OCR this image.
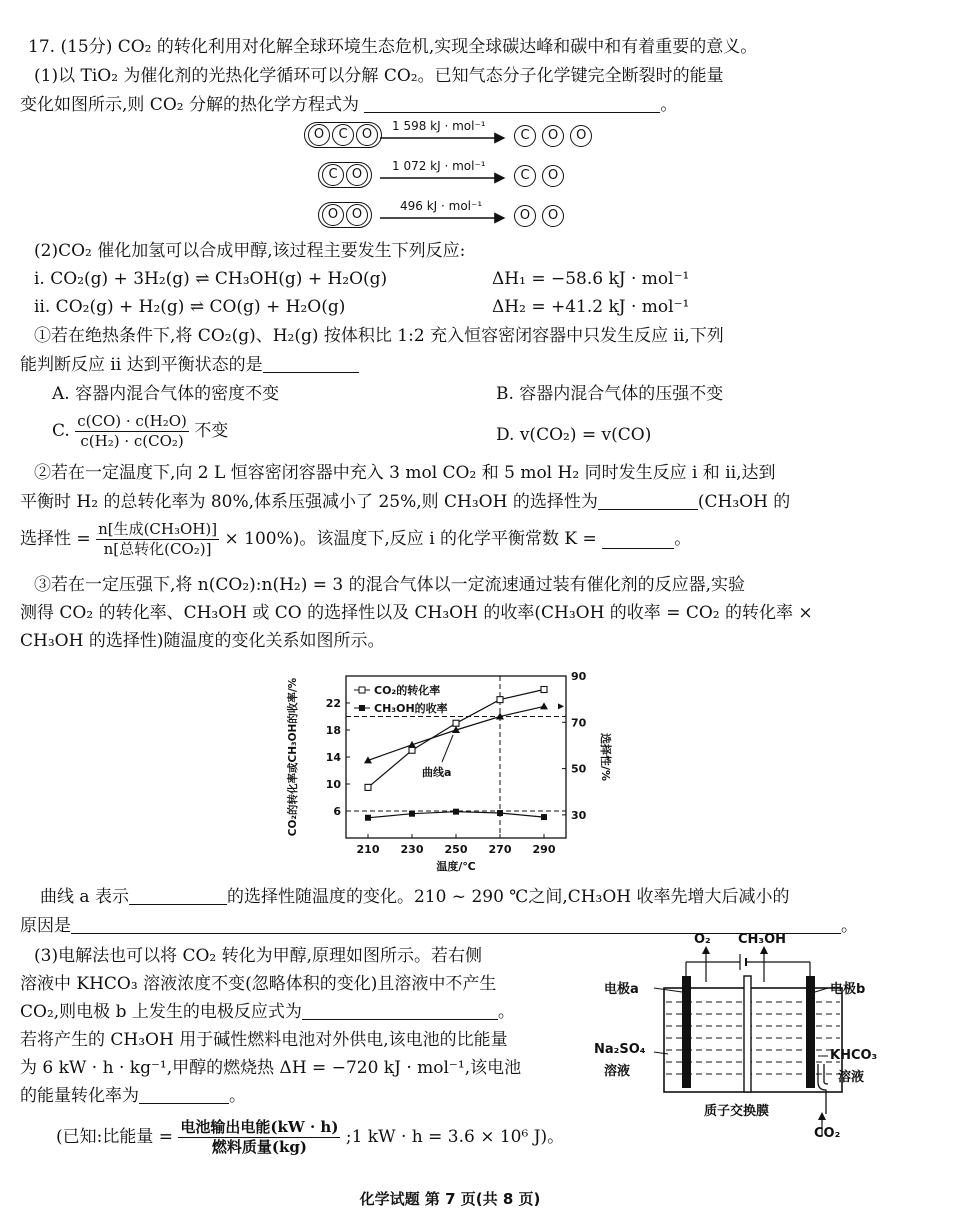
17. (15分) CO₂ 的转化利用对化解全球环境生态危机,实现全球碳达峰和碳中和有着重要的意义。
(1)以 TiO₂ 为催化剂的光热化学循环可以分解 CO₂。已知气态分子化学键完全断裂时的能量
变化如图所示,则 CO₂ 分解的热化学方程式为	。
O	C	O	C O O
C	O	C O
O	O	O O
1 598 kJ · mol⁻¹
1 072 kJ · mol⁻¹
496 kJ · mol⁻¹
(2)CO₂ 催化加氢可以合成甲醇,该过程主要发生下列反应:
ⅰ. CO₂(g) + 3H₂(g) ⇌ CH₃OH(g) + H₂O(g)	ΔH₁ = −58.6 kJ · mol⁻¹
ⅱ. CO₂(g) + H₂(g) ⇌ CO(g) + H₂O(g)	ΔH₂ = +41.2 kJ · mol⁻¹
①若在绝热条件下,将 CO₂(g)、H₂(g) 按体积比 1:2 充入恒容密闭容器中只发生反应 ⅱ,下列
能判断反应 ⅱ 达到平衡状态的是
A. 容器内混合气体的密度不变	B. 容器内混合气体的压强不变
C. $\frac{\text{c(CO) · c(H₂O)}}{\text{c(H₂) · c(CO₂)}}$ 不变	D. v(CO₂) = v(CO)
②若在一定温度下,向 2 L 恒容密闭容器中充入 3 mol CO₂ 和 5 mol H₂ 同时发生反应 ⅰ 和 ⅱ,达到
平衡时 H₂ 的总转化率为 80%,体系压强减小了 25%,则 CH₃OH 的选择性为	(CH₃OH 的
选择性 = $\frac{\text{n[生成(CH₃OH)]}}{\text{n[总转化(CO₂)]}} \times 100\%$)。该温度下,反应 ⅰ 的化学平衡常数 K =	。
③若在一定压强下,将 n(CO₂):n(H₂) = 3 的混合气体以一定流速通过装有催化剂的反应器,实验
测得 CO₂ 的转化率、CH₃OH 或 CO 的选择性以及 CH₃OH 的收率(CH₃OH 的收率 = CO₂ 的转化率 ×
CH₃OH 的选择性)随温度的变化关系如图所示。
曲线a
210 230 250 270 290
6
10
14
18
22
30
50
70
90
温度/℃
CO₂的转化率或CH₃OH的收率/%	选择性/%
CO₂的转化率
CH₃OH的收率
曲线 a 表示	的选择性随温度的变化。210 ~ 290 ℃之间,CH₃OH 收率先增大后减小的
原因是	。
(3)电解法也可以将 CO₂ 转化为甲醇,原理如图所示。若右侧
溶液中 KHCO₃ 溶液浓度不变(忽略体积的变化)且溶液中不产生
CO₂,则电极 b 上发生的电极反应式为	。
若将产生的 CH₃OH 用于碱性燃料电池对外供电,该电池的比能量
为 6 kW · h · kg⁻¹,甲醇的燃烧热 ΔH = −720 kJ · mol⁻¹,该电池
的能量转化率为	。
(已知:比能量 = $\frac{\text{电池输出电能(kW · h)}}{\text{燃料质量(kg)}}$ ;1 kW · h = 3.6 × 10⁶ J)。
O₂ CH₃OH
电极a	电极b
Na₂SO₄
溶液
KHCO₃
溶液
质子交换膜
CO₂
化学试题 第 7 页(共 8 页)
